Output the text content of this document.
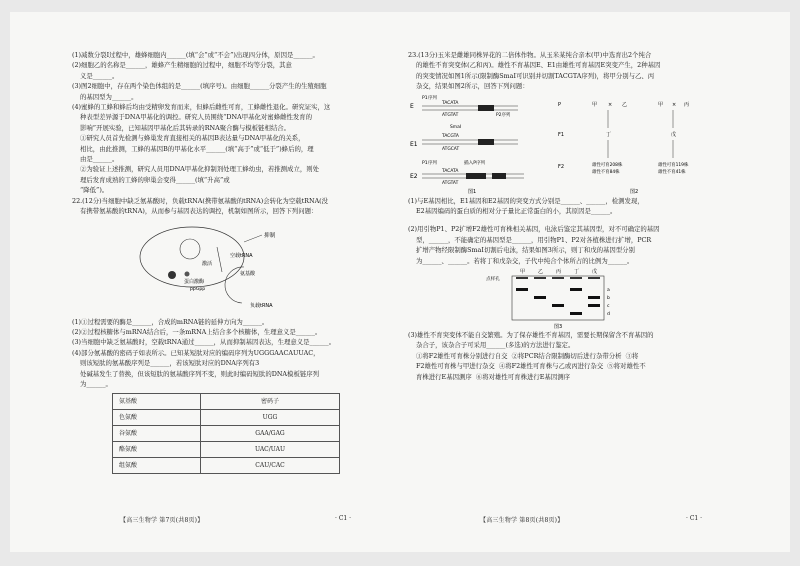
(1)减数分裂Ⅰ过程中，雄蜂细胞内______(填“会”或“不会”)出现四分体，原因是______。

(2)细胞乙的名称是______，雄蜂产生精细胞的过程中，细胞不均等分裂，其意

义是______。

(3)图2细胞中，存在两个染色体组的是______(填序号)。由细胞______分裂产生的生殖细胞

的基因型为______。

(4)蜜蜂的工蜂和蜂后均由受精卵发育而来，但蜂后雌性可育，工蜂雌性退化。研究证实，这

种表型差异源于DNA甲基化的调控。研究人员围绕“DNA甲基化对蜜蜂雌性发育的

影响”开展实验，已知基因甲基化后其转录的RNA聚合酶与模板链相结合。

①研究人员首先检测与蜂巢发育直接相关的基因B表达量与DNA甲基化的关系，

相比，由此推测，工蜂的基因B的甲基化水平______(填“高于”或“低于”)蜂后的，理

由是______。

②为验证上述推测，研究人员用DNA甲基化抑制剂处理工蜂幼虫，若推测成立，则处

理后发育成熟的工蜂的卵巢会变得______(填“升高”或

“降低”)。

22.(12分)当细胞中缺乏氨基酸时，负载tRNA(携带氨基酸的tRNA)会转化为空载tRNA(没

有携带氨基酸的tRNA)，从而参与基因表达的调控，机制如图所示，回答下列问题：

抑制
蛋白激酶
激活
ppGpp
空载tRNA
氨基酸
负载tRNA

(1)①过程需要的酶是______，合成的mRNA链的延伸方向为______。

(2)②过程核糖体与mRNA结合后，一条mRNA上结合多个核糖体，生理意义是______。

(3)当细胞中缺乏氨基酸时，空载tRNA通过______，从而抑制基因表达，生理意义是______。

(4)部分氨基酸的密码子如表所示。已知某短肽对应的编码序列为UGGGAACAUUAC，

则该短肽的氨基酸序列是______，若该短肽对应的DNA序列有3

处碱基发生了替换，但该短肽的氨基酸序列不变，则此时编码短肽的DNA模板链序列

为______。

氨基酸	密码子
色氨酸	UGG
谷氨酸	GAA/GAG
酪氨酸	UAC/UAU
组氨酸	CAU/CAC
【高三生物学 第7页(共8页)】	· C1 ·

23.(13分)玉米是雌雄同株异花的二倍体作物。从玉米某纯合亲本(甲)中选育出2个纯合

的雄性不育突变体(乙和丙)。雄性不育基因E、E1由雄性可育基因E突变产生，2种基因

的突变情况如图1所示(限制酶SmaⅠ可识别并切割TACGTA序列)，将甲分别与乙、丙

杂交，结果如图2所示，回答下列问题：

E
E1
E2
P1序列
TACATA
ATGTAT	P2序列
SmaⅠ
TACGTA
ATGCAT
P1序列	插入P序列
TACATA
ATGTAT
图1
P	甲 × 乙	甲 × 丙
F1	丁	戊
F2	雄性可育208株
雄性不育84株
雄性可育119株
雄性不育41株
图2

(1)与E基因相比，E1基因和E2基因的突变方式分别是______、______，检测发现，

E2基因编码的蛋白质的相对分子量比正常蛋白的小，其原因是______。

(2)用引物P1、P2扩增F2雄性可育株相关基因，电泳后鉴定其基因型，对不可确定的基因

型，______，不能确定的基因型是______，用引物P1、P2对各植株进行扩增，PCR

扩增产物经限制酶SmaⅠ切割后电泳，结果如图3所示，则丁和戊的基因型分别

为______、______。若将丁和戊杂交，子代中纯合个体所占的比例为______。

甲	乙	丙	丁	戊
点样孔
a
b
c
d
图3

(3)雄性不育突变体不能自交繁殖。为了保存雄性不育基因，需要长期保留含不育基因的

杂合子，该杂合子可采用______(多选)的方法进行鉴定。

①将F2雄性可育株分别进行自交  ②将PCR结合限制酶切后进行杂带分析  ③将

F2雄性可育株与甲进行杂交  ④将F2雄性可育株与乙或丙进行杂交  ⑤将对雄性不

育株进行E基因测序  ⑥将对雄性可育株进行E基因测序

【高三生物学 第8页(共8页)】	· C1 ·
